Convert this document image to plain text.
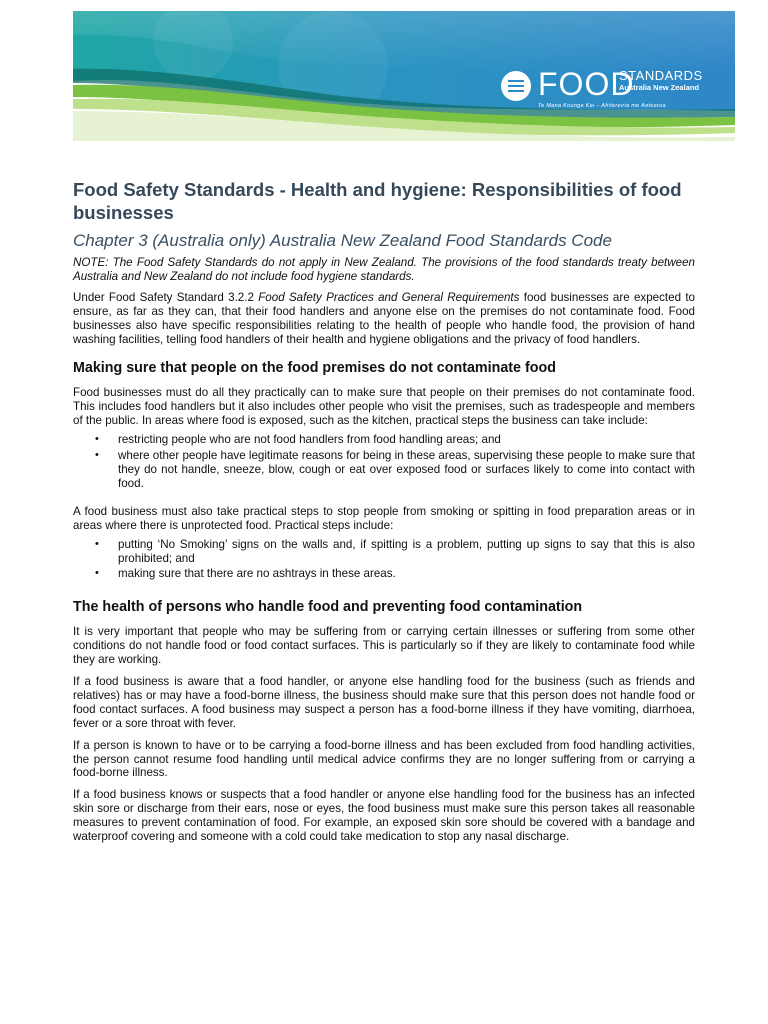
FOOD
STANDARDS
Australia New Zealand
Te Mana Kounga Kai – Ahitereiria me Aotearoa
Food Safety Standards - Health and hygiene: Responsibilities of food businesses
Chapter 3 (Australia only) Australia New Zealand Food Standards Code

NOTE: The Food Safety Standards do not apply in New Zealand. The provisions of the food standards treaty between Australia and New Zealand do not include food hygiene standards.

Under Food Safety Standard 3.2.2 Food Safety Practices and General Requirements food businesses are expected to ensure, as far as they can, that their food handlers and anyone else on the premises do not contaminate food. Food businesses also have specific responsibilities relating to the health of people who handle food, the provision of hand washing facilities, telling food handlers of their health and hygiene obligations and the privacy of food handlers.

Making sure that people on the food premises do not contaminate food

Food businesses must do all they practically can to make sure that people on their premises do not contaminate food. This includes food handlers but it also includes other people who visit the premises, such as tradespeople and members of the public. In areas where food is exposed, such as the kitchen, practical steps the business can take include:

• restricting people who are not food handlers from food handling areas; and
• where other people have legitimate reasons for being in these areas, supervising these people to make sure that they do not handle, sneeze, blow, cough or eat over exposed food or surfaces likely to come into contact with food.

A food business must also take practical steps to stop people from smoking or spitting in food preparation areas or in areas where there is unprotected food. Practical steps include:

• putting ‘No Smoking’ signs on the walls and, if spitting is a problem, putting up signs to say that this is also prohibited; and
• making sure that there are no ashtrays in these areas.
The health of persons who handle food and preventing food contamination

It is very important that people who may be suffering from or carrying certain illnesses or suffering from some other conditions do not handle food or food contact surfaces. This is particularly so if they are likely to contaminate food while they are working.

If a food business is aware that a food handler, or anyone else handling food for the business (such as friends and relatives) has or may have a food-borne illness, the business should make sure that this person does not handle food or food contact surfaces. A food business may suspect a person has a food-borne illness if they have vomiting, diarrhoea, fever or a sore throat with fever.

If a person is known to have or to be carrying a food-borne illness and has been excluded from food handling activities, the person cannot resume food handling until medical advice confirms they are no longer suffering from or carrying a food-borne illness.

If a food business knows or suspects that a food handler or anyone else handling food for the business has an infected skin sore or discharge from their ears, nose or eyes, the food business must make sure this person takes all reasonable measures to prevent contamination of food. For example, an exposed skin sore should be covered with a bandage and waterproof covering and someone with a cold could take medication to stop any nasal discharge.
